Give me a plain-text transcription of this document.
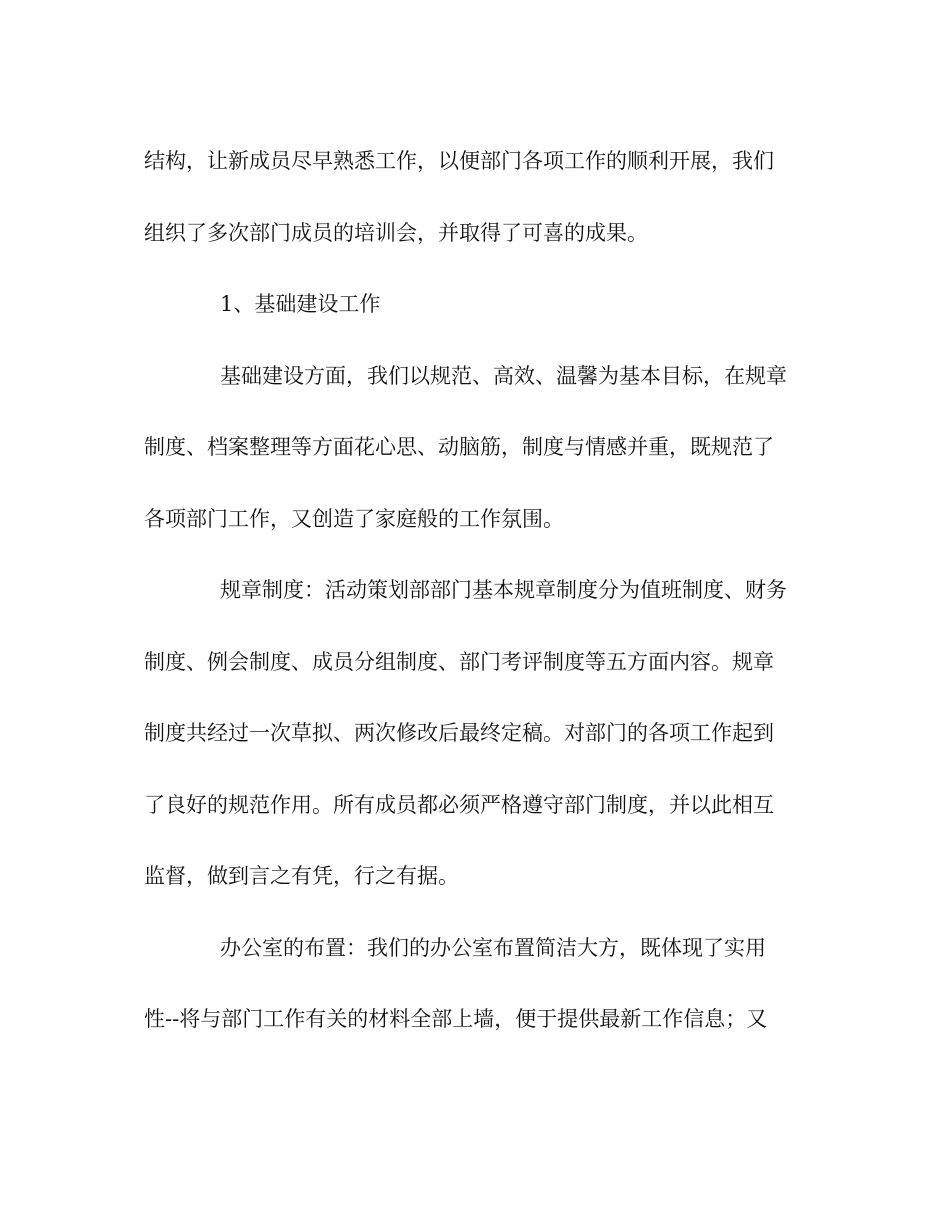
结构，让新成员尽早熟悉工作，以便部门各项工作的顺利开展，我们
组织了多次部门成员的培训会，并取得了可喜的成果。
1、基础建设工作
基础建设方面，我们以规范、高效、温馨为基本目标，在规章
制度、档案整理等方面花心思、动脑筋，制度与情感并重，既规范了
各项部门工作，又创造了家庭般的工作氛围。
规章制度：活动策划部部门基本规章制度分为值班制度、财务
制度、例会制度、成员分组制度、部门考评制度等五方面内容。规章
制度共经过一次草拟、两次修改后最终定稿。对部门的各项工作起到
了良好的规范作用。所有成员都必须严格遵守部门制度，并以此相互
监督，做到言之有凭，行之有据。
办公室的布置：我们的办公室布置简洁大方，既体现了实用
性--将与部门工作有关的材料全部上墙，便于提供最新工作信息；又
